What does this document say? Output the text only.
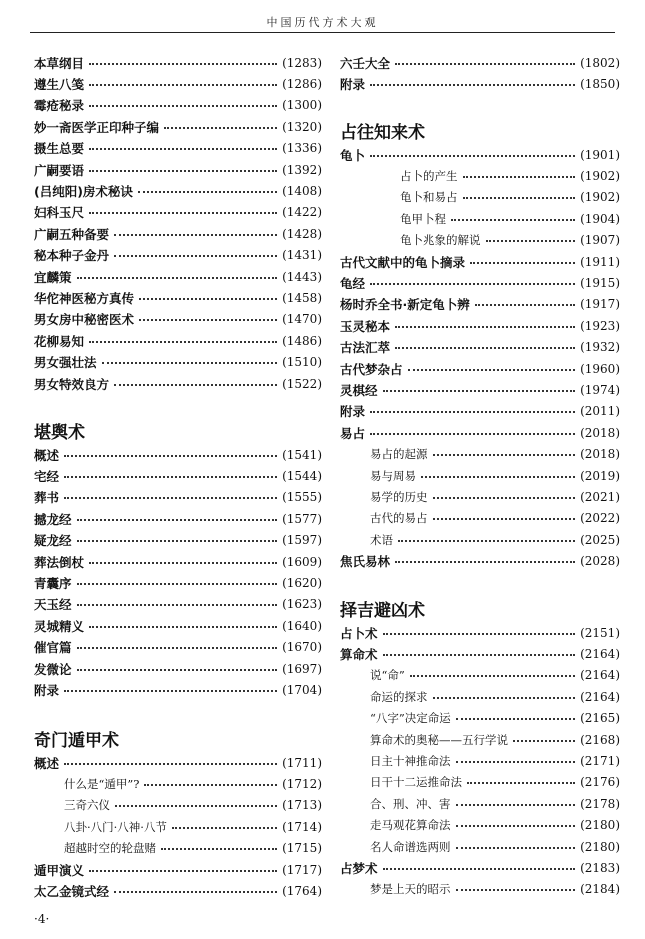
中国历代方术大观
本草纲目	(1283)
遵生八笺	(1286)
霉疮秘录	(1300)
妙一斋医学正印种子编	(1320)
摄生总要	(1336)
广嗣要语	(1392)
(吕纯阳)房术秘诀	(1408)
妇科玉尺	(1422)
广嗣五种备要	(1428)
秘本种子金丹	(1431)
宜麟策	(1443)
华佗神医秘方真传	(1458)
男女房中秘密医术	(1470)
花柳易知	(1486)
男女强壮法	(1510)
男女特效良方	(1522)
堪舆术
概述	(1541)
宅经	(1544)
葬书	(1555)
撼龙经	(1577)
疑龙经	(1597)
葬法倒杖	(1609)
青囊序	(1620)
天玉经	(1623)
灵城精义	(1640)
催官篇	(1670)
发微论	(1697)
附录	(1704)
奇门遁甲术
概述	(1711)
什么是“遁甲”?	(1712)
三奇六仪	(1713)
八卦·八门·八神·八节	(1714)
超越时空的轮盘赌	(1715)
遁甲演义	(1717)
太乙金镜式经	(1764)
六壬大全	(1802)
附录	(1850)
占往知来术
龟卜	(1901)
占卜的产生	(1902)
龟卜和易占	(1902)
龟甲卜程	(1904)
龟卜兆象的解说	(1907)
古代文献中的龟卜摘录	(1911)
龟经	(1915)
杨时乔全书·新定龟卜辨	(1917)
玉灵秘本	(1923)
古法汇萃	(1932)
古代梦杂占	(1960)
灵棋经	(1974)
附录	(2011)
易占	(2018)
易占的起源	(2018)
易与周易	(2019)
易学的历史	(2021)
古代的易占	(2022)
术语	(2025)
焦氏易林	(2028)
择吉避凶术
占卜术	(2151)
算命术	(2164)
说“命”	(2164)
命运的探求	(2164)
“八字”决定命运	(2165)
算命术的奥秘——五行学说	(2168)
日主十神推命法	(2171)
日干十二运推命法	(2176)
合、刑、冲、害	(2178)
走马观花算命法	(2180)
名人命谱选两则	(2180)
占梦术	(2183)
梦是上天的昭示	(2184)
·4·
